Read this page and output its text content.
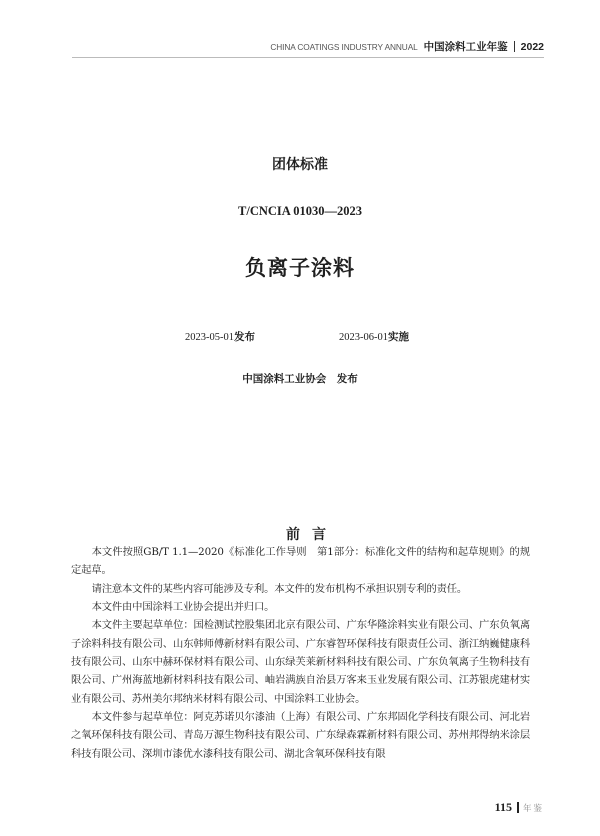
CHINA COATINGS INDUSTRY ANNUAL 中国涂料工业年鉴 2022
团体标准
T/CNCIA 01030—2023
负离子涂料
2023-05-01发布	2023-06-01实施
中国涂料工业协会　发布
前言

本文件按照GB/T 1.1—2020《标准化工作导则　第1部分：标准化文件的结构和起草规则》的规定起草。

请注意本文件的某些内容可能涉及专利。本文件的发布机构不承担识别专利的责任。

本文件由中国涂料工业协会提出并归口。

本文件主要起草单位：国检测试控股集团北京有限公司、广东华隆涂料实业有限公司、广东负氧离子涂料科技有限公司、山东韩师傅新材料有限公司、广东睿智环保科技有限责任公司、浙江纳巍健康科技有限公司、山东中赫环保材料有限公司、山东绿芙莱新材料科技有限公司、广东负氧离子生物科技有限公司、广州海蓝地新材料科技有限公司、岫岩满族自治县万客来玉业发展有限公司、江苏银虎建材实业有限公司、苏州美尔邦纳米材料有限公司、中国涂料工业协会。

本文件参与起草单位：阿克苏诺贝尔漆油（上海）有限公司、广东邦固化学科技有限公司、河北岩之氧环保科技有限公司、青岛万源生物科技有限公司、广东绿森霖新材料有限公司、苏州邦得纳米涂层科技有限公司、深圳市漆优水漆科技有限公司、湖北含氧环保科技有限

115 年鉴
